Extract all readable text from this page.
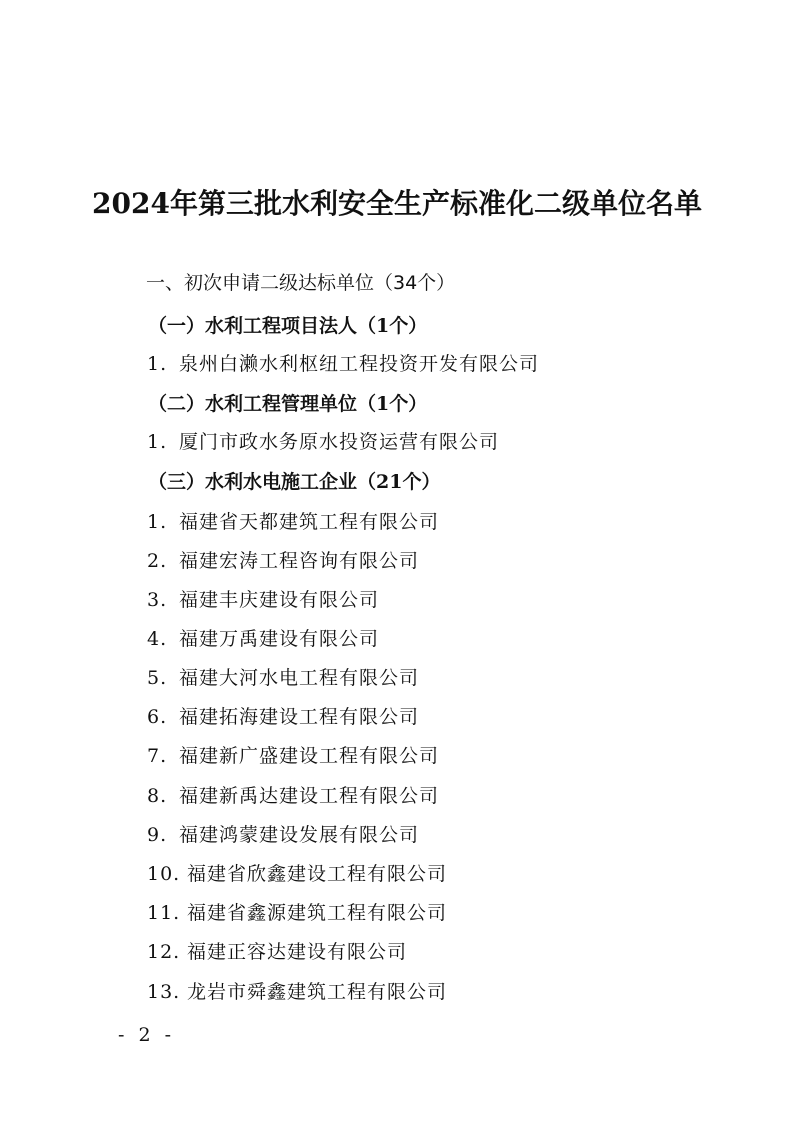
2024年第三批水利安全生产标准化二级单位名单
一、初次申请二级达标单位（34个）
（一）水利工程项目法人（1个）
1. 泉州白濑水利枢纽工程投资开发有限公司
（二）水利工程管理单位（1个）
1. 厦门市政水务原水投资运营有限公司
（三）水利水电施工企业（21个）
1. 福建省天都建筑工程有限公司
2. 福建宏涛工程咨询有限公司
3. 福建丰庆建设有限公司
4. 福建万禹建设有限公司
5. 福建大河水电工程有限公司
6. 福建拓海建设工程有限公司
7. 福建新广盛建设工程有限公司
8. 福建新禹达建设工程有限公司
9. 福建鸿蒙建设发展有限公司
10. 福建省欣鑫建设工程有限公司
11. 福建省鑫源建筑工程有限公司
12. 福建正容达建设有限公司
13. 龙岩市舜鑫建筑工程有限公司
- 2 -
